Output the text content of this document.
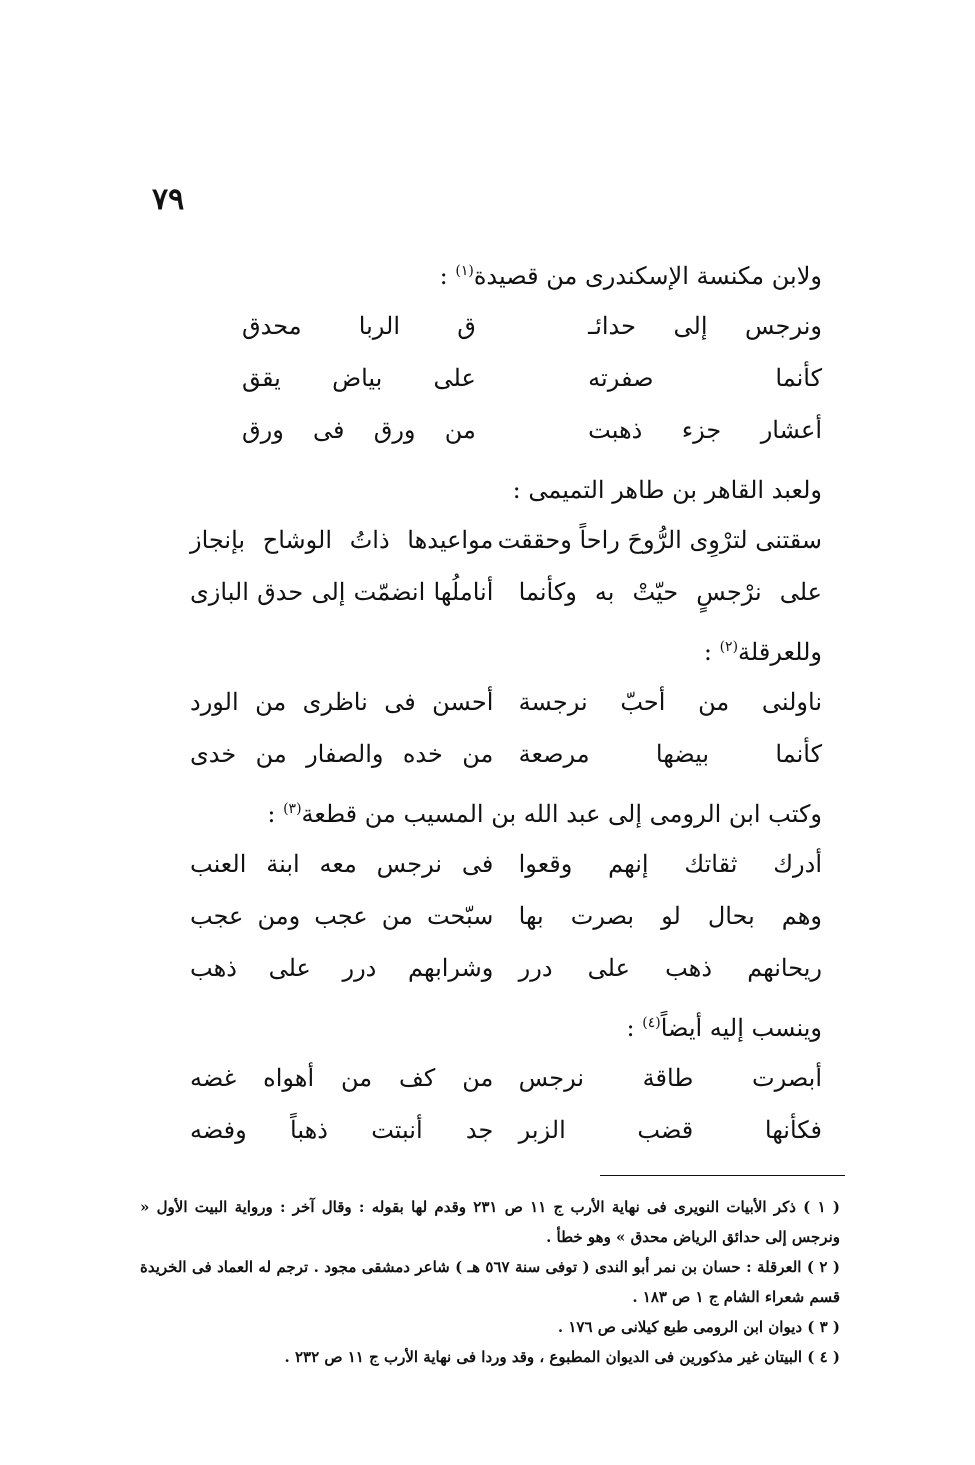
٧٩
ولابن مكنسة الإسكندرى من قصيدة$^{(١)}$ :
ونرجس إلى حدائـ
ق الربا محدق
كأنما صفرته
على بياض يقق
أعشار جزء ذهبت
من ورق فى ورق
ولعبد القاهر بن طاهر التميمى :
سقتنى لترْوِى الرُّوحَ راحاً وحققت
مواعيدها ذاتُ الوشاح بإنجاز
على نرْجسٍ حيّتْ به وكأنما
أناملُها انضمّت إلى حدق البازى
وللعرقلة$^{(٢)}$ :
ناولنى من أحبّ نرجسة
أحسن فى ناظرى من الورد
كأنما بيضها مرصعة
من خده والصفار من خدى
وكتب ابن الرومى إلى عبد الله بن المسيب من قطعة$^{(٣)}$ :
أدرك ثقاتك إنهم وقعوا
فى نرجس معه ابنة العنب
وهم بحال لو بصرت بها
سبّحت من عجب ومن عجب
ريحانهم ذهب على درر
وشرابهم درر على ذهب
وينسب إليه أيضاً$^{(٤)}$ :
أبصرت طاقة نرجس
من كف من أهواه غضه
فكأنها قضب الزبر
جد أنبتت ذهباً وفضه
( ١ ) ذكر الأبيات النويرى فى نهاية الأرب ج ١١ ص ٢٣١ وقدم لها بقوله : وقال آخر : ورواية البيت الأول « ونرجس إلى حدائق الرياض محدق » وهو خطأ .
( ٢ ) العرقلة : حسان بن نمر أبو الندى ( توفى سنة ٥٦٧ هـ ) شاعر دمشقى مجود . ترجم له العماد فى الخريدة قسم شعراء الشام ج ١ ص ١٨٣ .
( ٣ ) ديوان ابن الرومى طبع كيلانى ص ١٧٦ .
( ٤ ) البيتان غير مذكورين فى الديوان المطبوع ، وقد وردا فى نهاية الأرب ج ١١ ص ٢٣٢ .
